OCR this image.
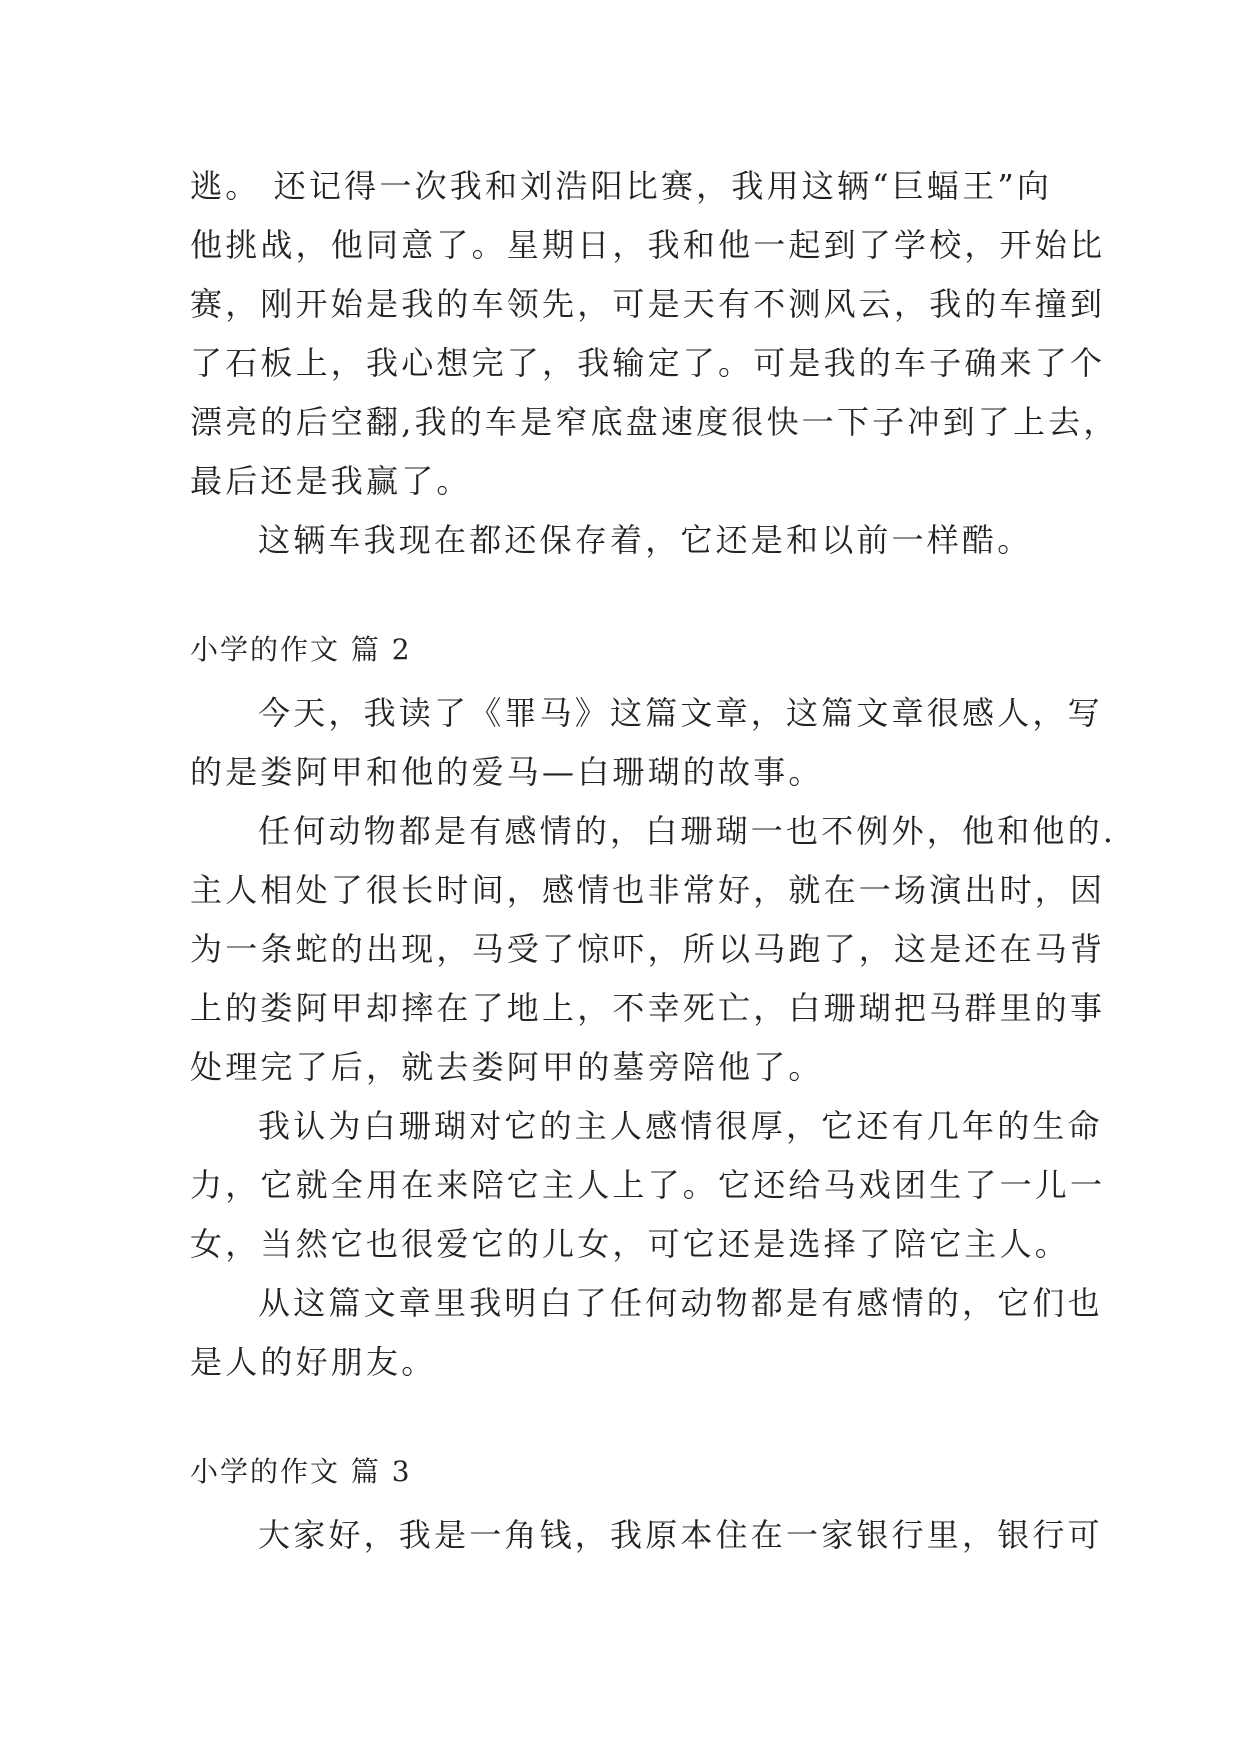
逃。 还记得一次我和刘浩阳比赛，我用这辆“巨蝠王”向
他挑战，他同意了。星期日，我和他一起到了学校，开始比
赛，刚开始是我的车领先，可是天有不测风云，我的车撞到
了石板上，我心想完了，我输定了。可是我的车子确来了个
漂亮的后空翻,我的车是窄底盘速度很快一下子冲到了上去，
最后还是我赢了。
这辆车我现在都还保存着，它还是和以前一样酷。
小学的作文 篇 2
今天，我读了《罪马》这篇文章，这篇文章很感人，写
的是娄阿甲和他的爱马—白珊瑚的故事。
任何动物都是有感情的，白珊瑚一也不例外，他和他的.
主人相处了很长时间，感情也非常好，就在一场演出时，因
为一条蛇的出现，马受了惊吓，所以马跑了，这是还在马背
上的娄阿甲却摔在了地上，不幸死亡，白珊瑚把马群里的事
处理完了后，就去娄阿甲的墓旁陪他了。
我认为白珊瑚对它的主人感情很厚，它还有几年的生命
力，它就全用在来陪它主人上了。它还给马戏团生了一儿一
女，当然它也很爱它的儿女，可它还是选择了陪它主人。
从这篇文章里我明白了任何动物都是有感情的，它们也
是人的好朋友。
小学的作文 篇 3
大家好，我是一角钱，我原本住在一家银行里，银行可
